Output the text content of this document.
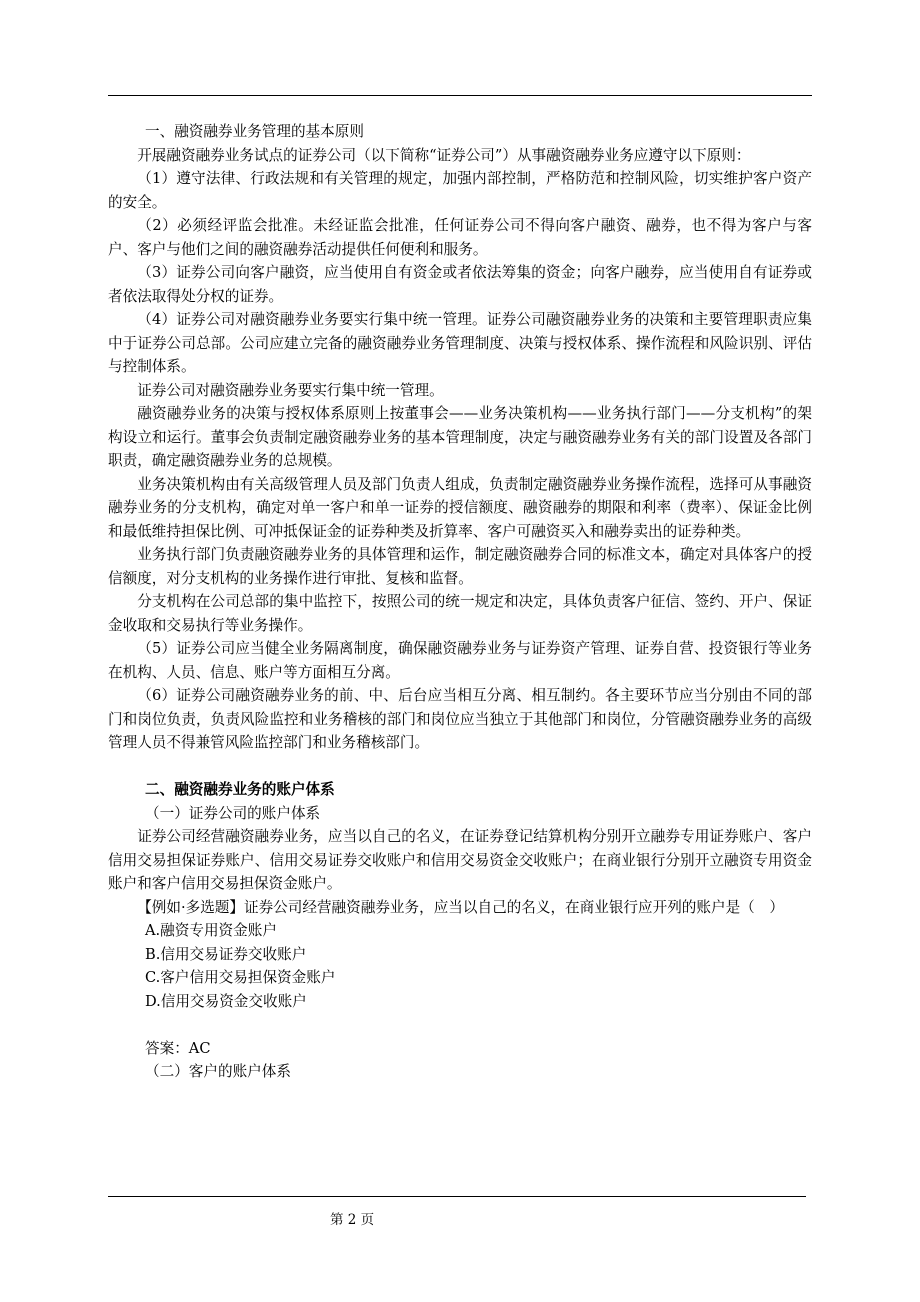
一、融资融券业务管理的基本原则

开展融资融券业务试点的证券公司（以下简称“证券公司”）从事融资融券业务应遵守以下原则：

（1）遵守法律、行政法规和有关管理的规定，加强内部控制，严格防范和控制风险，切实维护客户资产的安全。

（2）必须经评监会批准。未经证监会批准，任何证券公司不得向客户融资、融券，也不得为客户与客户、客户与他们之间的融资融券活动提供任何便利和服务。

（3）证券公司向客户融资，应当使用自有资金或者依法筹集的资金；向客户融券，应当使用自有证券或者依法取得处分权的证券。

（4）证券公司对融资融券业务要实行集中统一管理。证券公司融资融券业务的决策和主要管理职责应集中于证券公司总部。公司应建立完备的融资融券业务管理制度、决策与授权体系、操作流程和风险识别、评估与控制体系。

证券公司对融资融券业务要实行集中统一管理。

融资融券业务的决策与授权体系原则上按董事会——业务决策机构——业务执行部门——分支机构”的架构设立和运行。董事会负责制定融资融券业务的基本管理制度，决定与融资融券业务有关的部门设置及各部门职责，确定融资融券业务的总规模。

业务决策机构由有关高级管理人员及部门负责人组成，负责制定融资融券业务操作流程，选择可从事融资融券业务的分支机构，确定对单一客户和单一证券的授信额度、融资融券的期限和利率（费率）、保证金比例和最低维持担保比例、可冲抵保证金的证券种类及折算率、客户可融资买入和融券卖出的证券种类。

业务执行部门负责融资融券业务的具体管理和运作，制定融资融券合同的标准文本，确定对具体客户的授信额度，对分支机构的业务操作进行审批、复核和监督。

分支机构在公司总部的集中监控下，按照公司的统一规定和决定，具体负责客户征信、签约、开户、保证金收取和交易执行等业务操作。

（5）证券公司应当健全业务隔离制度，确保融资融券业务与证券资产管理、证券自营、投资银行等业务在机构、人员、信息、账户等方面相互分离。

（6）证券公司融资融券业务的前、中、后台应当相互分离、相互制约。各主要环节应当分别由不同的部门和岗位负责，负责风险监控和业务稽核的部门和岗位应当独立于其他部门和岗位，分管融资融券业务的高级管理人员不得兼管风险监控部门和业务稽核部门。

二、融资融券业务的账户体系

（一）证券公司的账户体系

证券公司经营融资融券业务，应当以自己的名义，在证券登记结算机构分别开立融券专用证券账户、客户信用交易担保证券账户、信用交易证券交收账户和信用交易资金交收账户；在商业银行分别开立融资专用资金账户和客户信用交易担保资金账户。

【例如·多选题】证券公司经营融资融券业务，应当以自己的名义，在商业银行应开列的账户是（　）

A.融资专用资金账户

B.信用交易证券交收账户

C.客户信用交易担保资金账户

D.信用交易资金交收账户

答案：AC

（二）客户的账户体系

第 2 页
